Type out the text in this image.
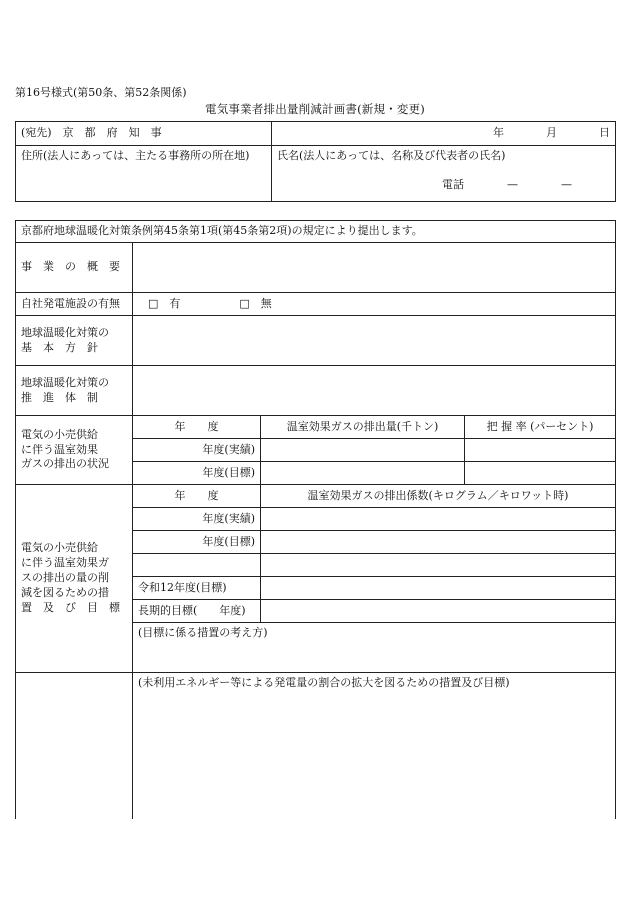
第16号様式(第50条、第52条関係)
電気事業者排出量削減計画書(新規・変更)
(宛先)　京　都　府　知　事	年 月 日

住所(法人にあっては、主たる事務所の所在地)	氏名(法人にあっては、名称及び代表者の氏名)
電話 — —
京都府地球温暖化対策条例第45条第1項(第45条第2項)の規定により提出します。			
事　業　の　概　要			
自社発電施設の有無	□　有 □　無		

地球温暖化対策の
基　本　方　針			

地球温暖化対策の
推　進　体　制			

電気の小売供給
に伴う温室効果
ガスの排出の状況	年　　度	温室効果ガスの排出量(千トン)	把 握 率 (パーセント)
	年度(実績)		
	年度(目標)		

電気の小売供給
に伴う温室効果ガ
スの排出の量の削
減を図るための措
置　及　び　目　標	年　　度	温室効果ガスの排出係数(キログラム／キロワット時)	
	年度(実績)		
	年度(目標)		

	令和12年度(目標)		
	長期的目標(　　年度)		
	(目標に係る措置の考え方)		
	(未利用エネルギー等による発電量の割合の拡大を図るための措置及び目標)		
